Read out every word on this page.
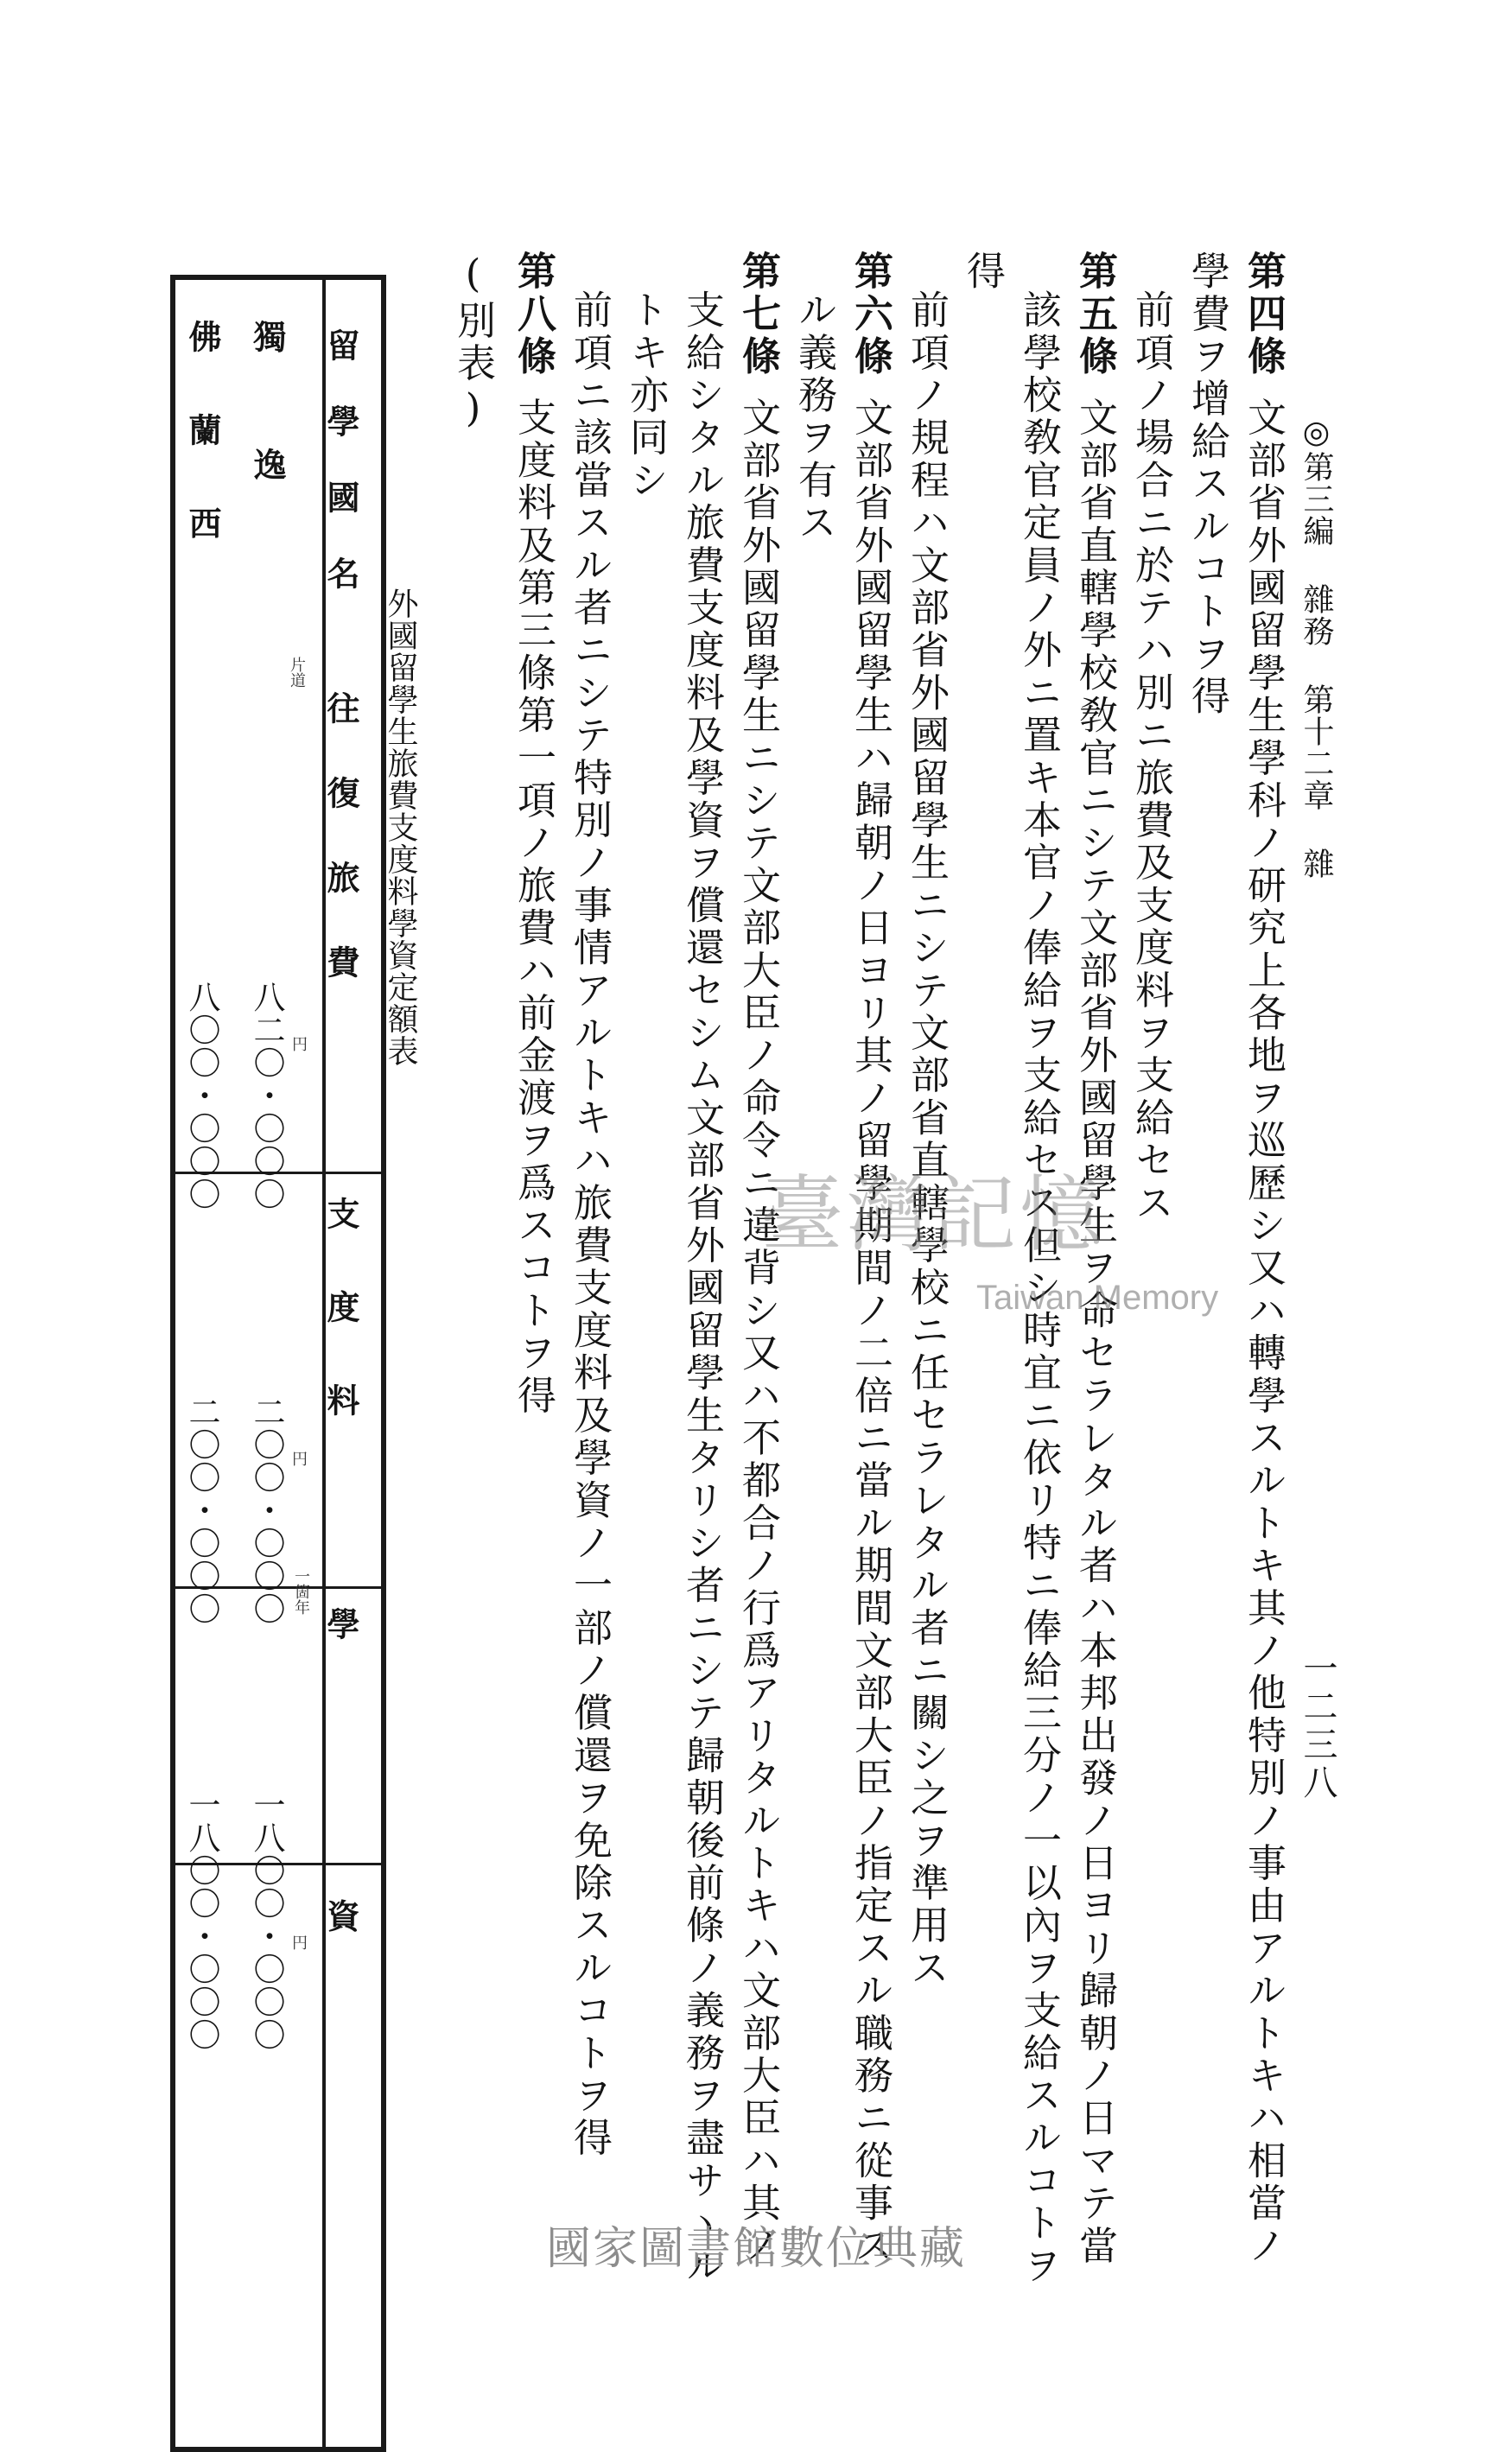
◎第三編 雜務 第十二章 雜
一二三八
第四條文部省外國留學生學科ノ研究上各地ヲ巡歷シ又ハ轉學スルトキ其ノ他特別ノ事由アルトキハ相當ノ
學費ヲ增給スルコトヲ得
前項ノ場合ニ於テハ別ニ旅費及支度料ヲ支給セス
第五條文部省直轄學校敎官ニシテ文部省外國留學生ヲ命セラレタル者ハ本邦出發ノ日ヨリ歸朝ノ日マテ當
該學校敎官定員ノ外ニ置キ本官ノ俸給ヲ支給セス但シ時宜ニ依リ特ニ俸給三分ノ一以內ヲ支給スルコトヲ
得
前項ノ規程ハ文部省外國留學生ニシテ文部省直轄學校ニ任セラレタル者ニ關シ之ヲ準用ス
第六條文部省外國留學生ハ歸朝ノ日ヨリ其ノ留學期間ノ二倍ニ當ル期間文部大臣ノ指定スル職務ニ從事ス
ル義務ヲ有ス
第七條文部省外國留學生ニシテ文部大臣ノ命令ニ違背シ又ハ不都合ノ行爲アリタルトキハ文部大臣ハ其ノ
支給シタル旅費支度料及學資ヲ償還セシム文部省外國留學生タリシ者ニシテ歸朝後前條ノ義務ヲ盡サヽル
トキ亦同シ
前項ニ該當スル者ニシテ特別ノ事情アルトキハ旅費支度料及學資ノ一部ノ償還ヲ免除スルコトヲ得
第八條支度料及第三條第一項ノ旅費ハ前金渡ヲ爲スコトヲ得
(別表)
外國留學生旅費支度料學資定額表
留學國名
往復旅費
支度料
學資
獨逸
八二〇・〇〇〇
二〇〇・〇〇〇
一八〇〇・〇〇〇
佛蘭西
八〇〇・〇〇〇
二〇〇・〇〇〇
一八〇〇・〇〇〇
片道
円
円
一箇年
円
臺灣記憶
Taiwan Memory
國家圖書館數位典藏
